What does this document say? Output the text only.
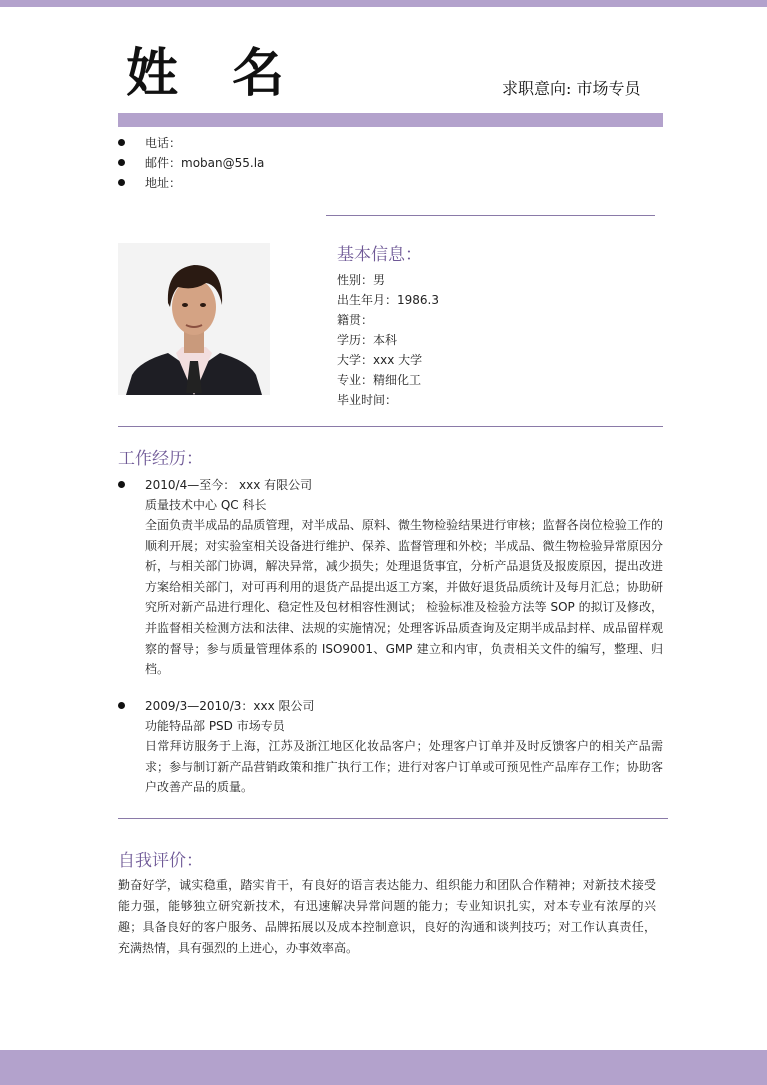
姓 名	求职意向: 市场专员
电话：
邮件：moban@55.la
地址：
基本信息：
性别：男
出生年月：1986.3
籍贯：
学历：本科
大学：xxx 大学
专业：精细化工
毕业时间：
工作经历：
2010/4—至今： xxx 有限公司
质量技术中心 QC 科长

全面负责半成品的品质管理，对半成品、原料、微生物检验结果进行审核；监督各岗位检验工作的顺利开展；对实验室相关设备进行维护、保养、监督管理和外校；半成品、微生物检验异常原因分析，与相关部门协调，解决异常，减少损失；处理退货事宜，分析产品退货及报废原因，提出改进方案给相关部门，对可再利用的退货产品提出返工方案，并做好退货品质统计及每月汇总；协助研究所对新产品进行理化、稳定性及包材相容性测试； 检验标准及检验方法等 SOP 的拟订及修改，并监督相关检测方法和法律、法规的实施情况；处理客诉品质查询及定期半成品封样、成品留样观察的督导；参与质量管理体系的 ISO9001、GMP 建立和内审，负责相关文件的编写，整理、归档。

2009/3—2010/3：xxx 限公司
功能特品部 PSD 市场专员

日常拜访服务于上海，江苏及浙江地区化妆品客户；处理客户订单并及时反馈客户的相关产品需求；参与制订新产品营销政策和推广执行工作；进行对客户订单或可预见性产品库存工作；协助客户改善产品的质量。

自我评价：

勤奋好学，诚实稳重，踏实肯干，有良好的语言表达能力、组织能力和团队合作精神；对新技术接受能力强，能够独立研究新技术，有迅速解决异常问题的能力；专业知识扎实，对本专业有浓厚的兴趣；具备良好的客户服务、品牌拓展以及成本控制意识，良好的沟通和谈判技巧；对工作认真责任，充满热情，具有强烈的上进心，办事效率高。
